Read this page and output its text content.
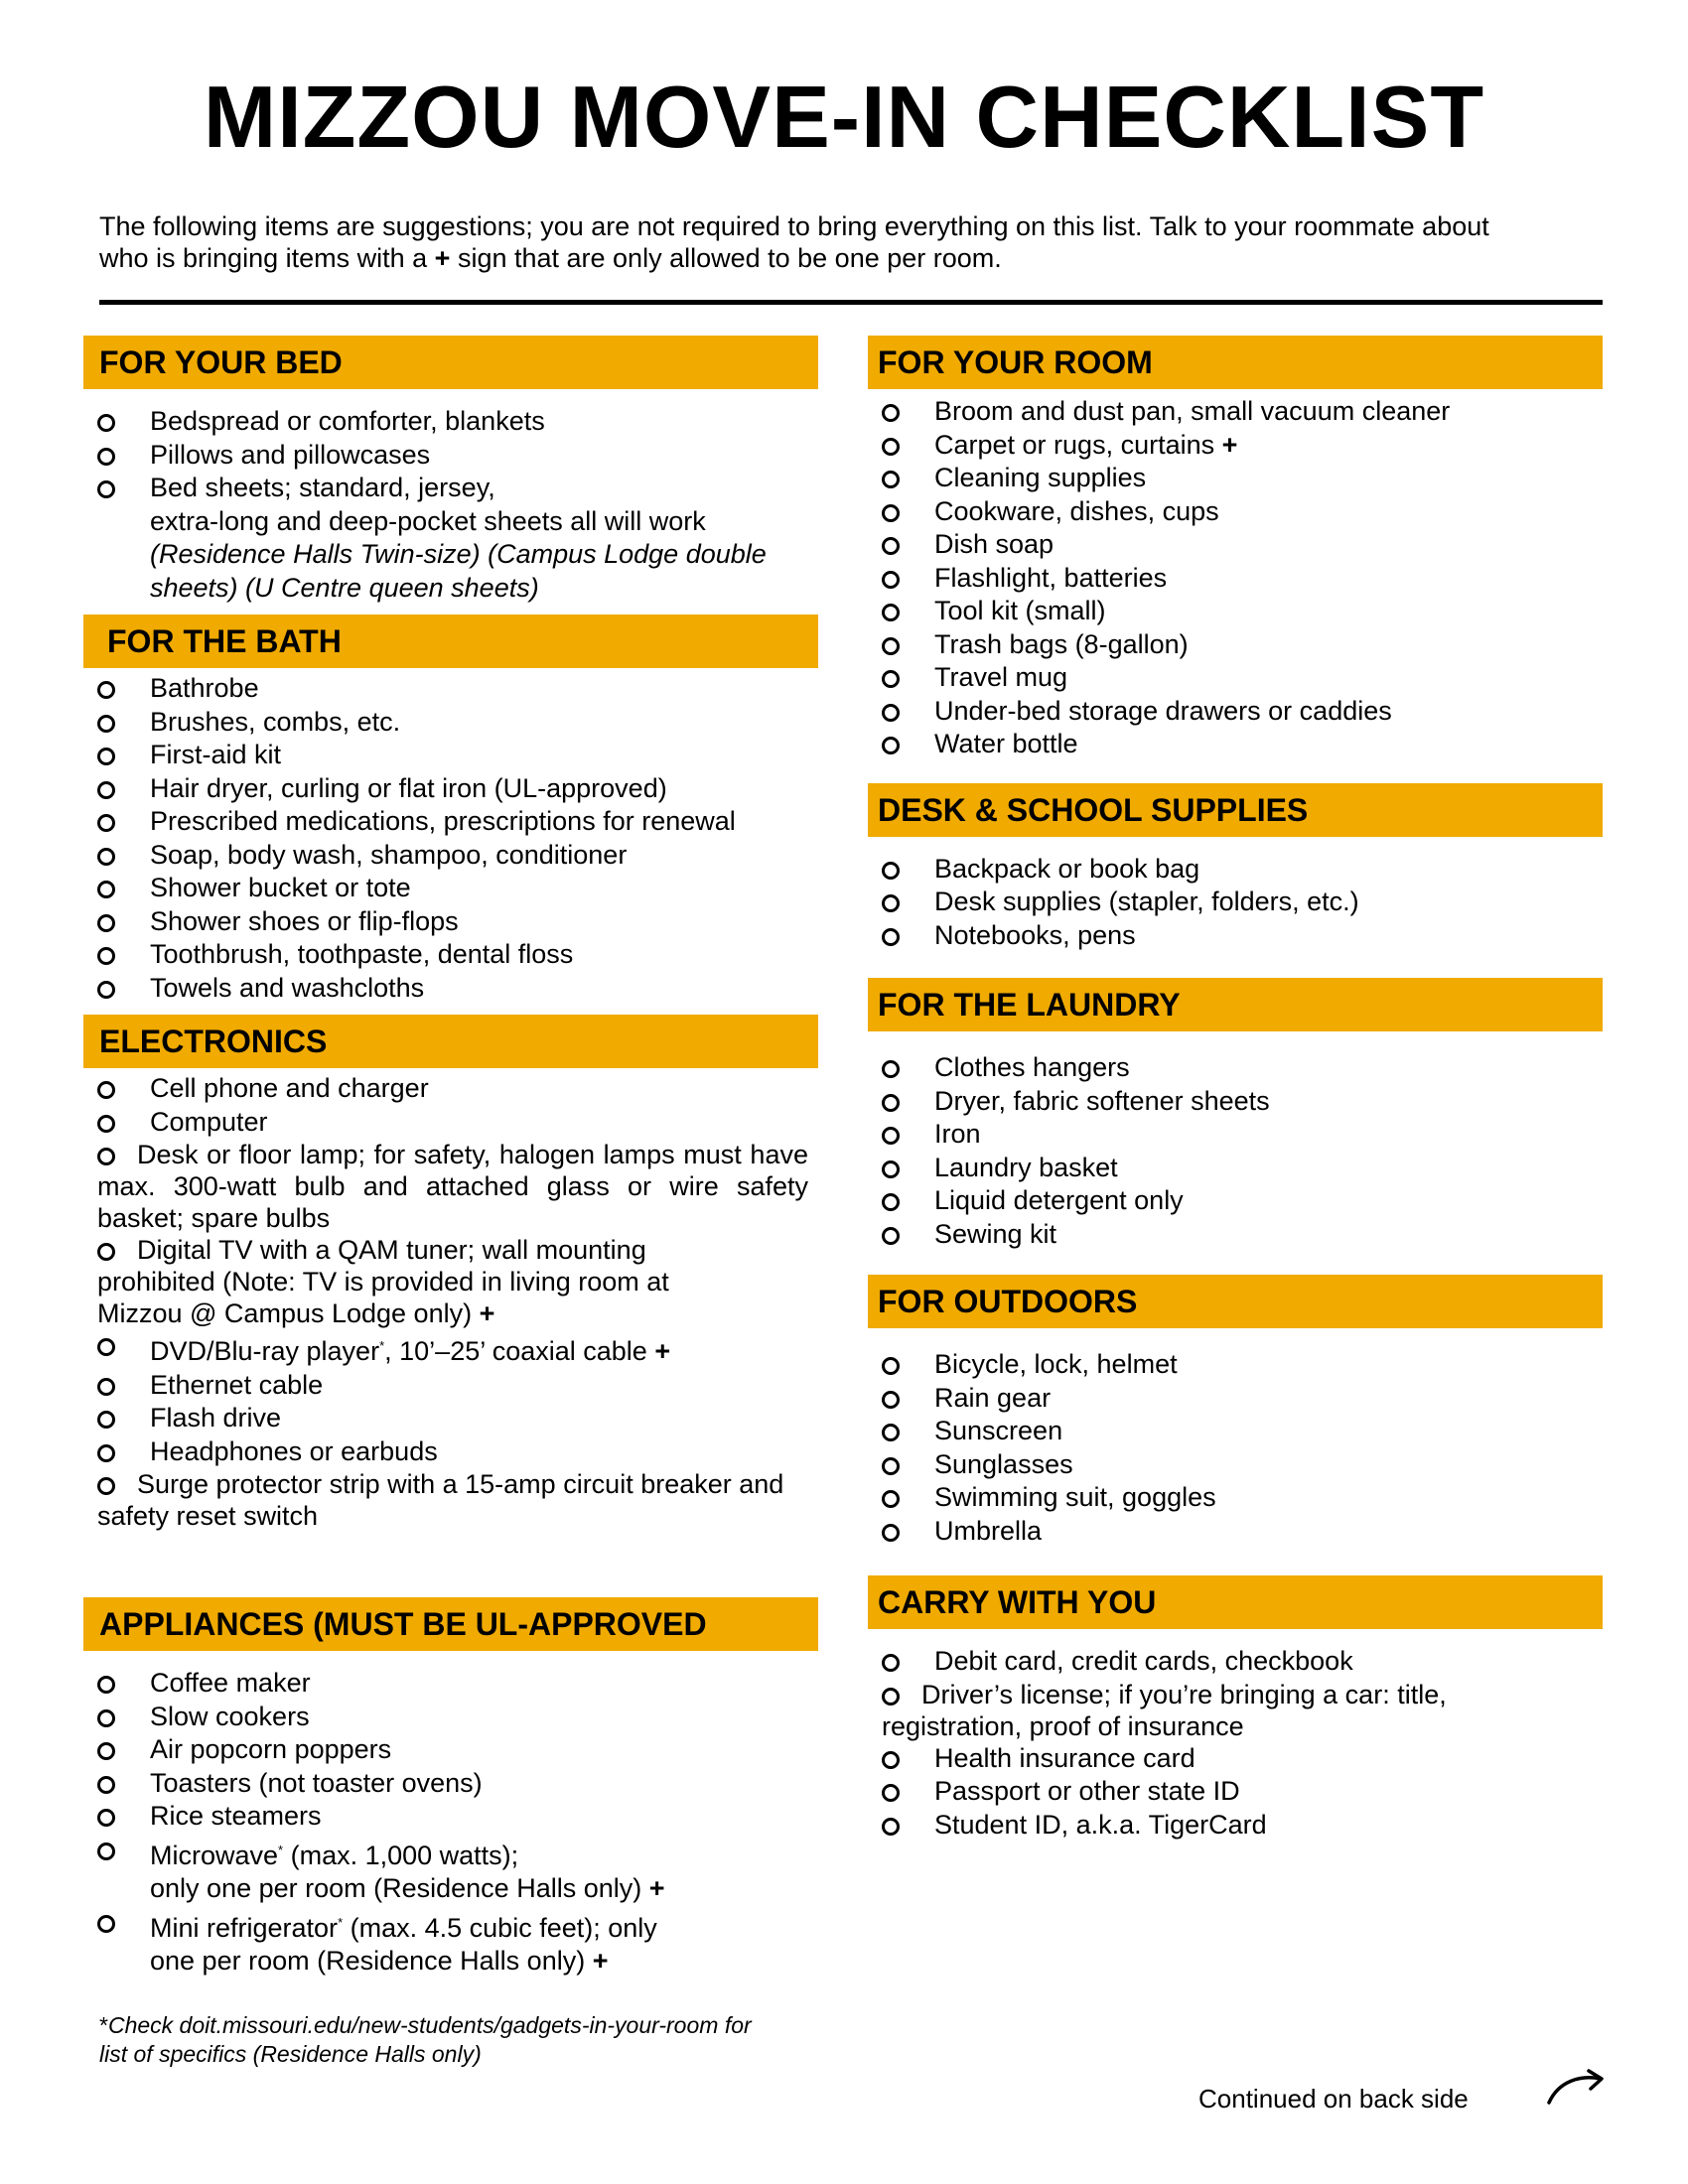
MIZZOU MOVE-IN CHECKLIST
The following items are suggestions; you are not required to bring everything on this list. Talk to your roommate about who is bringing items with a + sign that are only allowed to be one per room.
FOR YOUR BED
Bedspread or comforter, blankets
Pillows and pillowcases
Bed sheets; standard, jersey,
extra-long and deep-pocket sheets all will work
(Residence Halls Twin-size) (Campus Lodge double sheets) (U Centre queen sheets)
FOR THE BATH
Bathrobe
Brushes, combs, etc.
First-aid kit
Hair dryer, curling or flat iron (UL-approved)
Prescribed medications, prescriptions for renewal
Soap, body wash, shampoo, conditioner
Shower bucket or tote
Shower shoes or flip-flops
Toothbrush, toothpaste, dental floss
Towels and washcloths
ELECTRONICS
Cell phone and charger
Computer
Desk or floor lamp; for safety, halogen lamps must have max. 300-watt bulb and attached glass or wire safety basket; spare bulbs
Digital TV with a QAM tuner; wall mounting prohibited (Note: TV is provided in living room at Mizzou @ Campus Lodge only) +
DVD/Blu-ray player*, 10’–25’ coaxial cable +
Ethernet cable
Flash drive
Headphones or earbuds
Surge protector strip with a 15-amp circuit breaker and safety reset switch
APPLIANCES (MUST BE UL-APPROVED
Coffee maker
Slow cookers
Air popcorn poppers
Toasters (not toaster ovens)
Rice steamers
Microwave* (max. 1,000 watts);
only one per room (Residence Halls only) +
Mini refrigerator* (max. 4.5 cubic feet); only
one per room (Residence Halls only) +
*Check doit.missouri.edu/new-students/gadgets-in-your-room for list of specifics (Residence Halls only)
FOR YOUR ROOM
Broom and dust pan, small vacuum cleaner
Carpet or rugs, curtains +
Cleaning supplies
Cookware, dishes, cups
Dish soap
Flashlight, batteries
Tool kit (small)
Trash bags (8-gallon)
Travel mug
Under-bed storage drawers or caddies
Water bottle
DESK & SCHOOL SUPPLIES
Backpack or book bag
Desk supplies (stapler, folders, etc.)
Notebooks, pens
FOR THE LAUNDRY
Clothes hangers
Dryer, fabric softener sheets
Iron
Laundry basket
Liquid detergent only
Sewing kit
FOR OUTDOORS
Bicycle, lock, helmet
Rain gear
Sunscreen
Sunglasses
Swimming suit, goggles
Umbrella
CARRY WITH YOU
Debit card, credit cards, checkbook
Driver’s license; if you’re bringing a car: title, registration, proof of insurance
Health insurance card
Passport or other state ID
Student ID, a.k.a. TigerCard
Continued on back side
